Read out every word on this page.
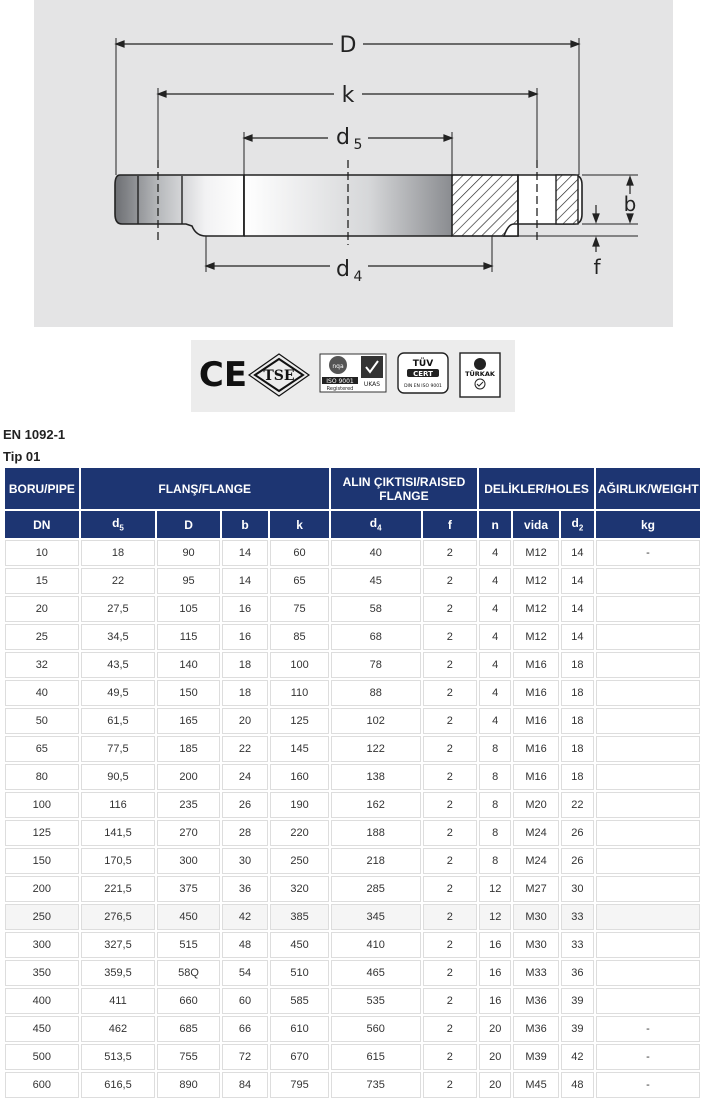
D
k
d 5
d 4
b
f
CE TSE
nqa
ISO 9001
Registered
UKAS
TÜV
CERT
DIN EN ISO 9001
TÜRKAK
EN 1092-1
Tip 01
BORU/PIPE	FLANŞ/FLANGE				ALIN ÇIKTISI/RAISED FLANGE		DELİKLER/HOLES			AĞIRLIK/WEIGHT
DN	$d_5$	D	b	k	$d_4$	f	n	vida	$d_2$	kg
10	18	90	14	60	40	2	4	M12	14	-
15	22	95	14	65	45	2	4	M12	14	
20	27,5	105	16	75	58	2	4	M12	14	
25	34,5	115	16	85	68	2	4	M12	14	
32	43,5	140	18	100	78	2	4	M16	18	
40	49,5	150	18	110	88	2	4	M16	18	
50	61,5	165	20	125	102	2	4	M16	18	
65	77,5	185	22	145	122	2	8	M16	18	
80	90,5	200	24	160	138	2	8	M16	18	
100	116	235	26	190	162	2	8	M20	22	
125	141,5	270	28	220	188	2	8	M24	26	
150	170,5	300	30	250	218	2	8	M24	26	
200	221,5	375	36	320	285	2	12	M27	30	
250	276,5	450	42	385	345	2	12	M30	33	
300	327,5	515	48	450	410	2	16	M30	33	
350	359,5	58Q	54	510	465	2	16	M33	36	
400	411	660	60	585	535	2	16	M36	39	
450	462	685	66	610	560	2	20	M36	39	-
500	513,5	755	72	670	615	2	20	M39	42	-
600	616,5	890	84	795	735	2	20	M45	48	-
